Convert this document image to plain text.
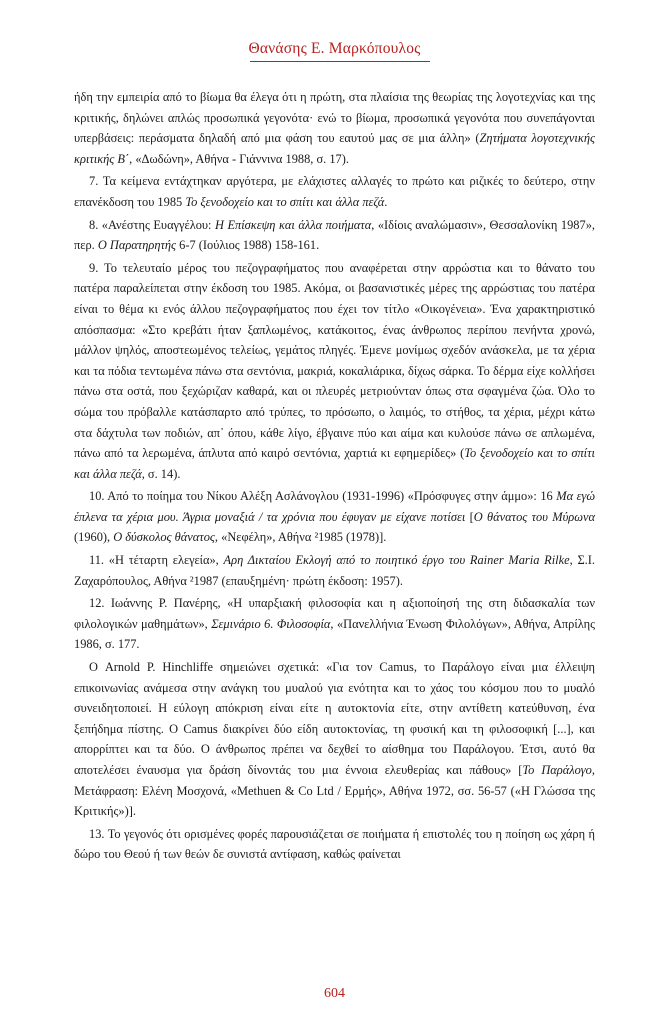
Θανάσης Ε. Μαρκόπουλος

ήδη την εμπειρία από το βίωμα θα έλεγα ότι η πρώτη, στα πλαίσια της θεωρίας της λογοτεχνίας και της κριτικής, δηλώνει απλώς προσωπικά γεγονότα· ενώ το βίωμα, προσωπικά γεγονότα που συνεπάγονται υπερβάσεις: περάσματα δηλαδή από μια φάση του εαυτού μας σε μια άλλη» (Ζητήματα λογοτεχνικής κριτικής Β΄, «Δωδώνη», Αθήνα - Γιάννινα 1988, σ. 17).

7. Τα κείμενα εντάχτηκαν αργότερα, με ελάχιστες αλλαγές το πρώτο και ριζικές το δεύτερο, στην επανέκδοση του 1985 Το ξενοδοχείο και το σπίτι και άλλα πεζά.

8. «Ανέστης Ευαγγέλου: Η Επίσκεψη και άλλα ποιήματα, «Ιδίοις αναλώμασιν», Θεσσαλονίκη 1987», περ. Ο Παρατηρητής 6-7 (Ιούλιος 1988) 158-161.

9. Το τελευταίο μέρος του πεζογραφήματος που αναφέρεται στην αρρώστια και το θάνατο του πατέρα παραλείπεται στην έκδοση του 1985. Ακόμα, οι βασανιστικές μέρες της αρρώστιας του πατέρα είναι το θέμα κι ενός άλλου πεζογραφήματος που έχει τον τίτλο «Οικογένεια». Ένα χαρακτηριστικό απόσπασμα: «Στο κρεβάτι ήταν ξαπλωμένος, κατάκοιτος, ένας άνθρωπος περίπου πενήντα χρονώ, μάλλον ψηλός, αποστεωμένος τελείως, γεμάτος πληγές. Έμενε μονίμως σχεδόν ανάσκελα, με τα χέρια και τα πόδια τεντωμένα πάνω στα σεντόνια, μακριά, κοκαλιάρικα, δίχως σάρκα. Το δέρμα είχε κολλήσει πάνω στα οστά, που ξεχώριζαν καθαρά, και οι πλευρές μετριούνταν όπως στα σφαγμένα ζώα. Όλο το σώμα του πρόβαλλε κατάσπαρτο από τρύπες, το πρόσωπο, ο λαιμός, το στήθος, τα χέρια, μέχρι κάτω στα δάχτυλα των ποδιών, απ᾿ όπου, κάθε λίγο, έβγαινε πύο και αίμα και κυλούσε πάνω σε απλωμένα, πάνω από τα λερωμένα, άπλυτα από καιρό σεντόνια, χαρτιά κι εφημερίδες» (Το ξενοδοχείο και το σπίτι και άλλα πεζά, σ. 14).

10. Από το ποίημα του Νίκου Αλέξη Ασλάνογλου (1931-1996) «Πρόσφυγες στην άμμο»: 16 Μα εγώ έπλενα τα χέρια μου. Άγρια μοναξιά / τα χρόνια που έφυγαν με είχανε ποτίσει [Ο θάνατος του Μύρωνα (1960), Ο δύσκολος θάνατος, «Νεφέλη», Αθήνα ²1985 (1978)].

11. «Η τέταρτη ελεγεία», Αρη Δικταίου Εκλογή από το ποιητικό έργο του Rainer Maria Rilke, Σ.Ι. Ζαχαρόπουλος, Αθήνα ²1987 (επαυξημένη· πρώτη έκδοση: 1957).

12. Ιωάννης Ρ. Πανέρης, «Η υπαρξιακή φιλοσοφία και η αξιοποίησή της στη διδασκαλία των φιλολογικών μαθημάτων», Σεμινάριο 6. Φιλοσοφία, «Πανελλήνια Ένωση Φιλολόγων», Αθήνα, Απρίλης 1986, σ. 177.

Ο Arnold P. Hinchliffe σημειώνει σχετικά: «Για τον Camus, το Παράλογο είναι μια έλλειψη επικοινωνίας ανάμεσα στην ανάγκη του μυαλού για ενότητα και το χάος του κόσμου που το μυαλό συνειδητοποιεί. Η εύλογη απόκριση είναι είτε η αυτοκτονία είτε, στην αντίθετη κατεύθυνση, ένα ξεπήδημα πίστης. Ο Camus διακρίνει δύο είδη αυτοκτονίας, τη φυσική και τη φιλοσοφική [...], και απορρίπτει και τα δύο. Ο άνθρωπος πρέπει να δεχθεί το αίσθημα του Παράλογου. Έτσι, αυτό θα αποτελέσει έναυσμα για δράση δίνοντάς του μια έννοια ελευθερίας και πάθους» [Το Παράλογο, Μετάφραση: Ελένη Μοσχονά, «Methuen & Co Ltd / Ερμής», Αθήνα 1972, σσ. 56-57 («Η Γλώσσα της Κριτικής»)].

13. Το γεγονός ότι ορισμένες φορές παρουσιάζεται σε ποιήματα ή επιστολές του η ποίηση ως χάρη ή δώρο του Θεού ή των θεών δε συνιστά αντίφαση, καθώς φαίνεται

604
